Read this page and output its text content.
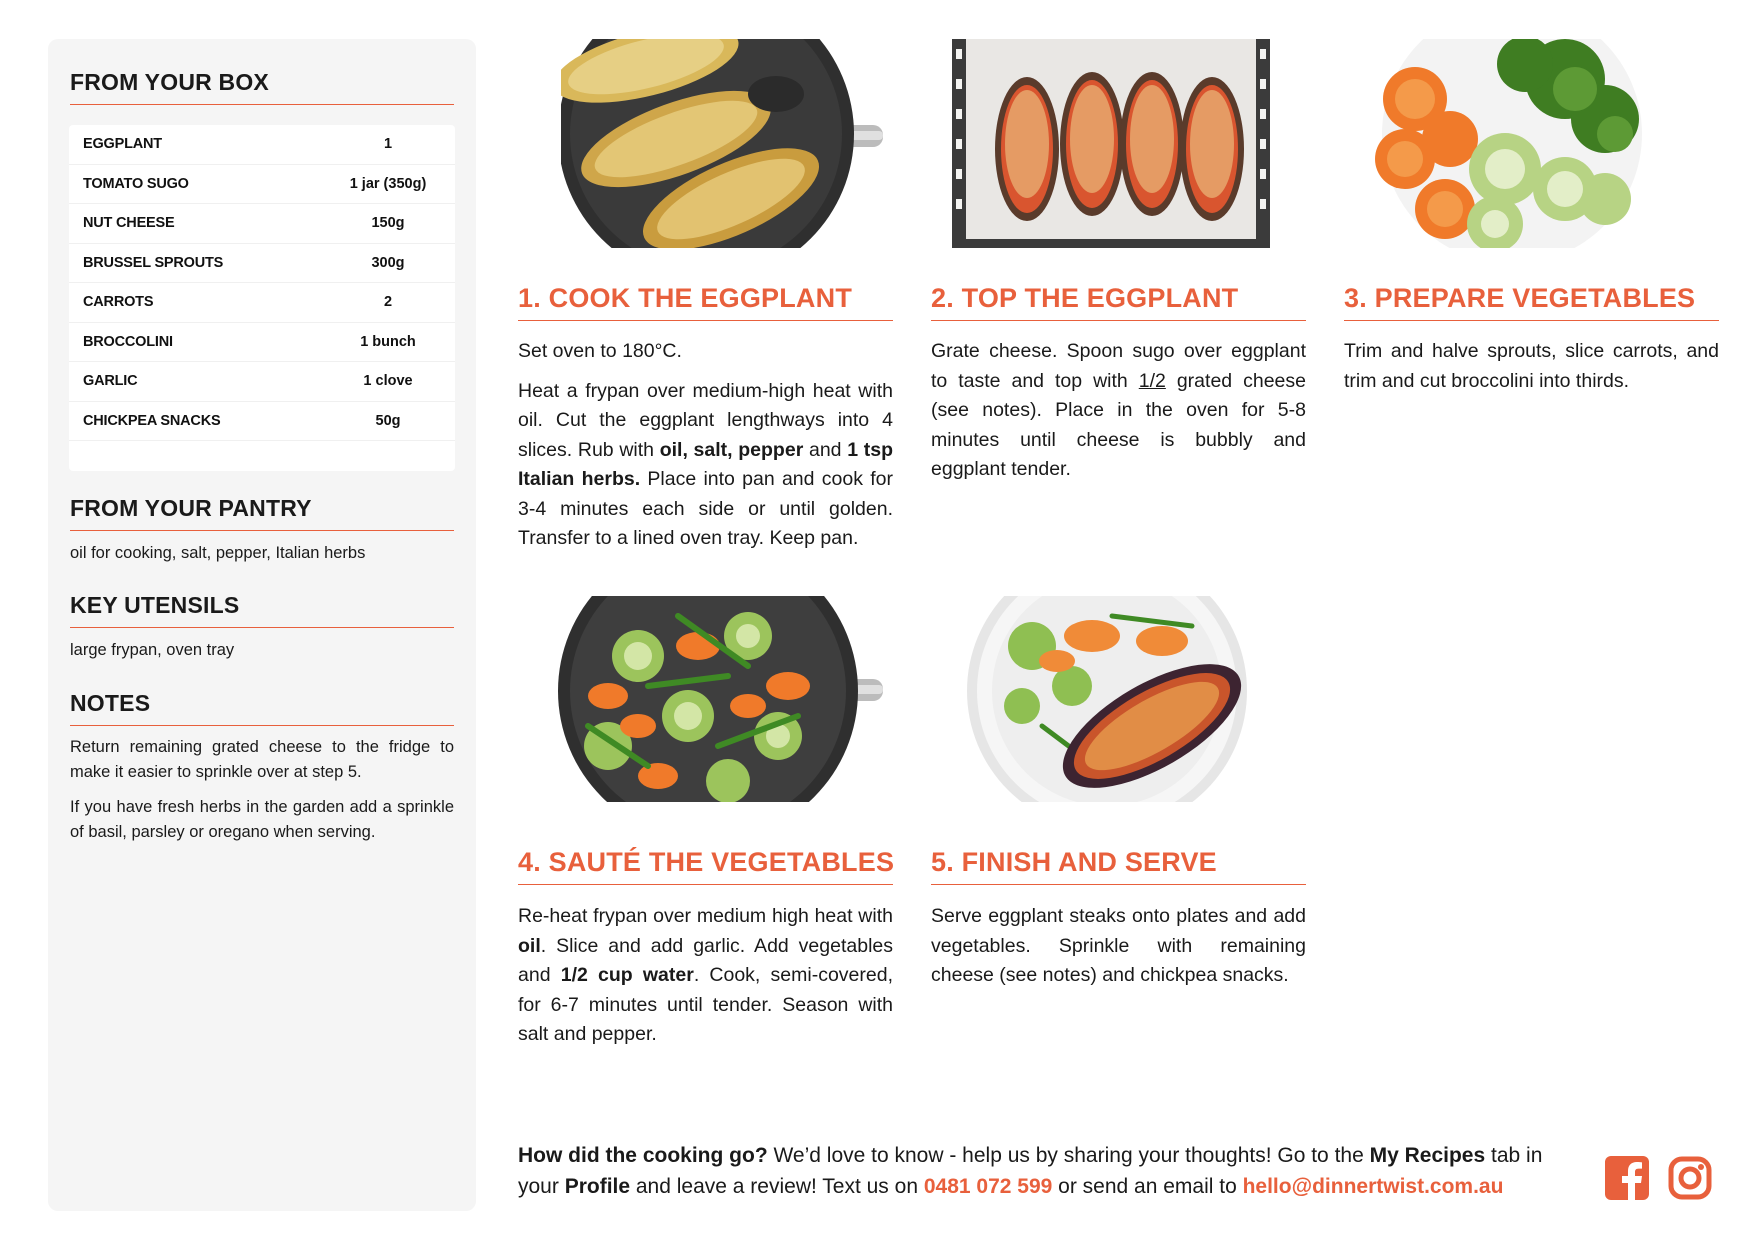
FROM YOUR BOX
EGGPLANT	1
TOMATO SUGO	1 jar (350g)
NUT CHEESE	150g
BRUSSEL SPROUTS	300g
CARROTS	2
BROCCOLINI	1 bunch
GARLIC	1 clove
CHICKPEA SNACKS	50g
FROM YOUR PANTRY

oil for cooking, salt, pepper, Italian herbs

KEY UTENSILS

large frypan, oven tray

NOTES

Return remaining grated cheese to the fridge to make it easier to sprinkle over at step 5.

If you have fresh herbs in the garden add a sprinkle of basil, parsley or oregano when serving.

1. COOK THE EGGPLANT

Set oven to 180°C.

Heat a frypan over medium-high heat with oil. Cut the eggplant lengthways into 4 slices. Rub with oil, salt, pepper and 1 tsp Italian herbs. Place into pan and cook for 3-4 minutes each side or until golden. Transfer to a lined oven tray. Keep pan.

2. TOP THE EGGPLANT

Grate cheese. Spoon sugo over eggplant to taste and top with 1/2 grated cheese (see notes). Place in the oven for 5-8 minutes until cheese is bubbly and eggplant tender.

3. PREPARE VEGETABLES

Trim and halve sprouts, slice carrots, and trim and cut broccolini into thirds.

4. SAUTÉ THE VEGETABLES

Re-heat frypan over medium high heat with oil. Slice and add garlic. Add vegetables and 1/2 cup water. Cook, semi-covered, for 6-7 minutes until tender. Season with salt and pepper.

5. FINISH AND SERVE

Serve eggplant steaks onto plates and add vegetables. Sprinkle with remaining cheese (see notes) and chickpea snacks.

How did the cooking go? We’d love to know - help us by sharing your thoughts! Go to the My Recipes tab in your Profile and leave a review! Text us on 0481 072 599 or send an email to hello@dinnertwist.com.au
